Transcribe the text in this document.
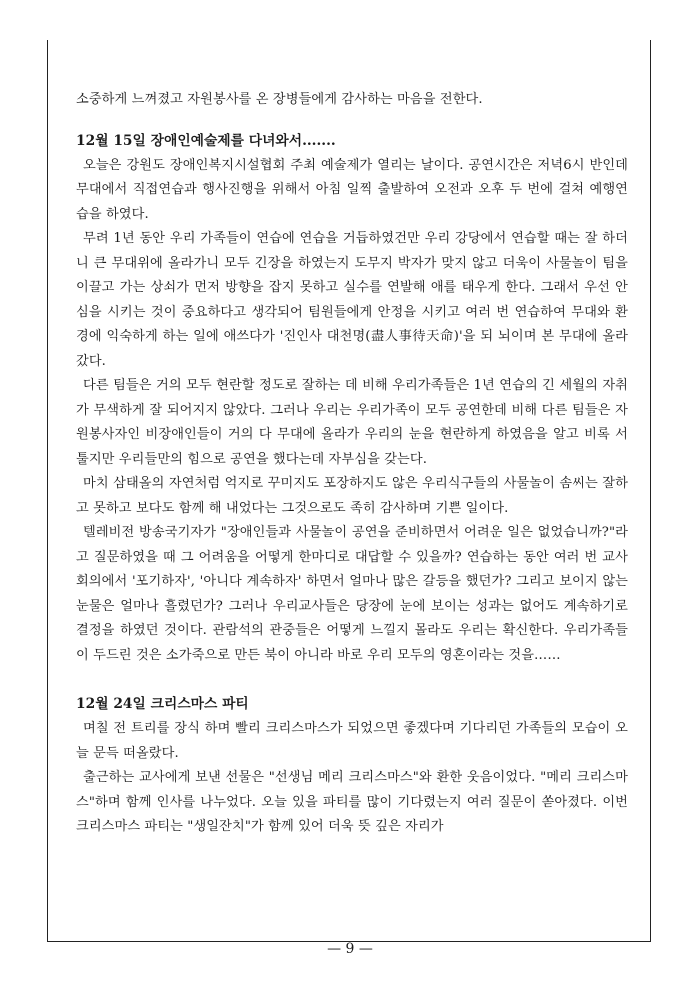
소중하게 느껴졌고 자원봉사를 온 장병들에게 감사하는 마음을 전한다.

12월 15일 장애인예술제를 다녀와서.......

오늘은 강원도 장애인복지시설협회 주최 예술제가 열리는 날이다. 공연시간은 저녁6시 반인데 무대에서 직접연습과 행사진행을 위해서 아침 일찍 출발하여 오전과 오후 두 번에 걸쳐 예행연습을 하였다.

무려 1년 동안 우리 가족들이 연습에 연습을 거듭하였건만 우리 강당에서 연습할 때는 잘 하더니 큰 무대위에 올라가니 모두 긴장을 하였는지 도무지 박자가 맞지 않고 더욱이 사물놀이 팀을 이끌고 가는 상쇠가 먼저 방향을 잡지 못하고 실수를 연발해 애를 태우게 한다. 그래서 우선 안심을 시키는 것이 중요하다고 생각되어 팀원들에게 안정을 시키고 여러 번 연습하여 무대와 환경에 익숙하게 하는 일에 애쓰다가 '진인사 대천명(盡人事待天命)'을 되 뇌이며 본 무대에 올라갔다.

다른 팀들은 거의 모두 현란할 정도로 잘하는 데 비해 우리가족들은 1년 연습의 긴 세월의 자취가 무색하게 잘 되어지지 않았다. 그러나 우리는 우리가족이 모두 공연한데 비해 다른 팀들은 자원봉사자인 비장애인들이 거의 다 무대에 올라가 우리의 눈을 현란하게 하였음을 알고 비록 서툴지만 우리들만의 힘으로 공연을 했다는데 자부심을 갖는다.

마치 삼태올의 자연처럼 억지로 꾸미지도 포장하지도 않은 우리식구들의 사물놀이 솜씨는 잘하고 못하고 보다도 함께 해 내었다는 그것으로도 족히 감사하며 기쁜 일이다.

텔레비전 방송국기자가 "장애인들과 사물놀이 공연을 준비하면서 어려운 일은 없었습니까?"라고 질문하였을 때 그 어려움을 어떻게 한마디로 대답할 수 있을까? 연습하는 동안 여러 번 교사회의에서 '포기하자', '아니다 계속하자' 하면서 얼마나 많은 갈등을 했던가? 그리고 보이지 않는 눈물은 얼마나 흘렸던가? 그러나 우리교사들은 당장에 눈에 보이는 성과는 없어도 계속하기로 결정을 하였던 것이다. 관람석의 관중들은 어떻게 느낄지 몰라도 우리는 확신한다. 우리가족들이 두드린 것은 소가죽으로 만든 북이 아니라 바로 우리 모두의 영혼이라는 것을……

12월 24일 크리스마스 파티

며칠 전 트리를 장식 하며 빨리 크리스마스가 되었으면 좋겠다며 기다리던 가족들의 모습이 오늘 문득 떠올랐다.

출근하는 교사에게 보낸 선물은 "선생님 메리 크리스마스"와 환한 웃음이었다. "메리 크리스마스"하며 함께 인사를 나누었다. 오늘 있을 파티를 많이 기다렸는지 여러 질문이 쏟아졌다. 이번 크리스마스 파티는 "생일잔치"가 함께 있어 더욱 뜻 깊은 자리가

— 9 —
